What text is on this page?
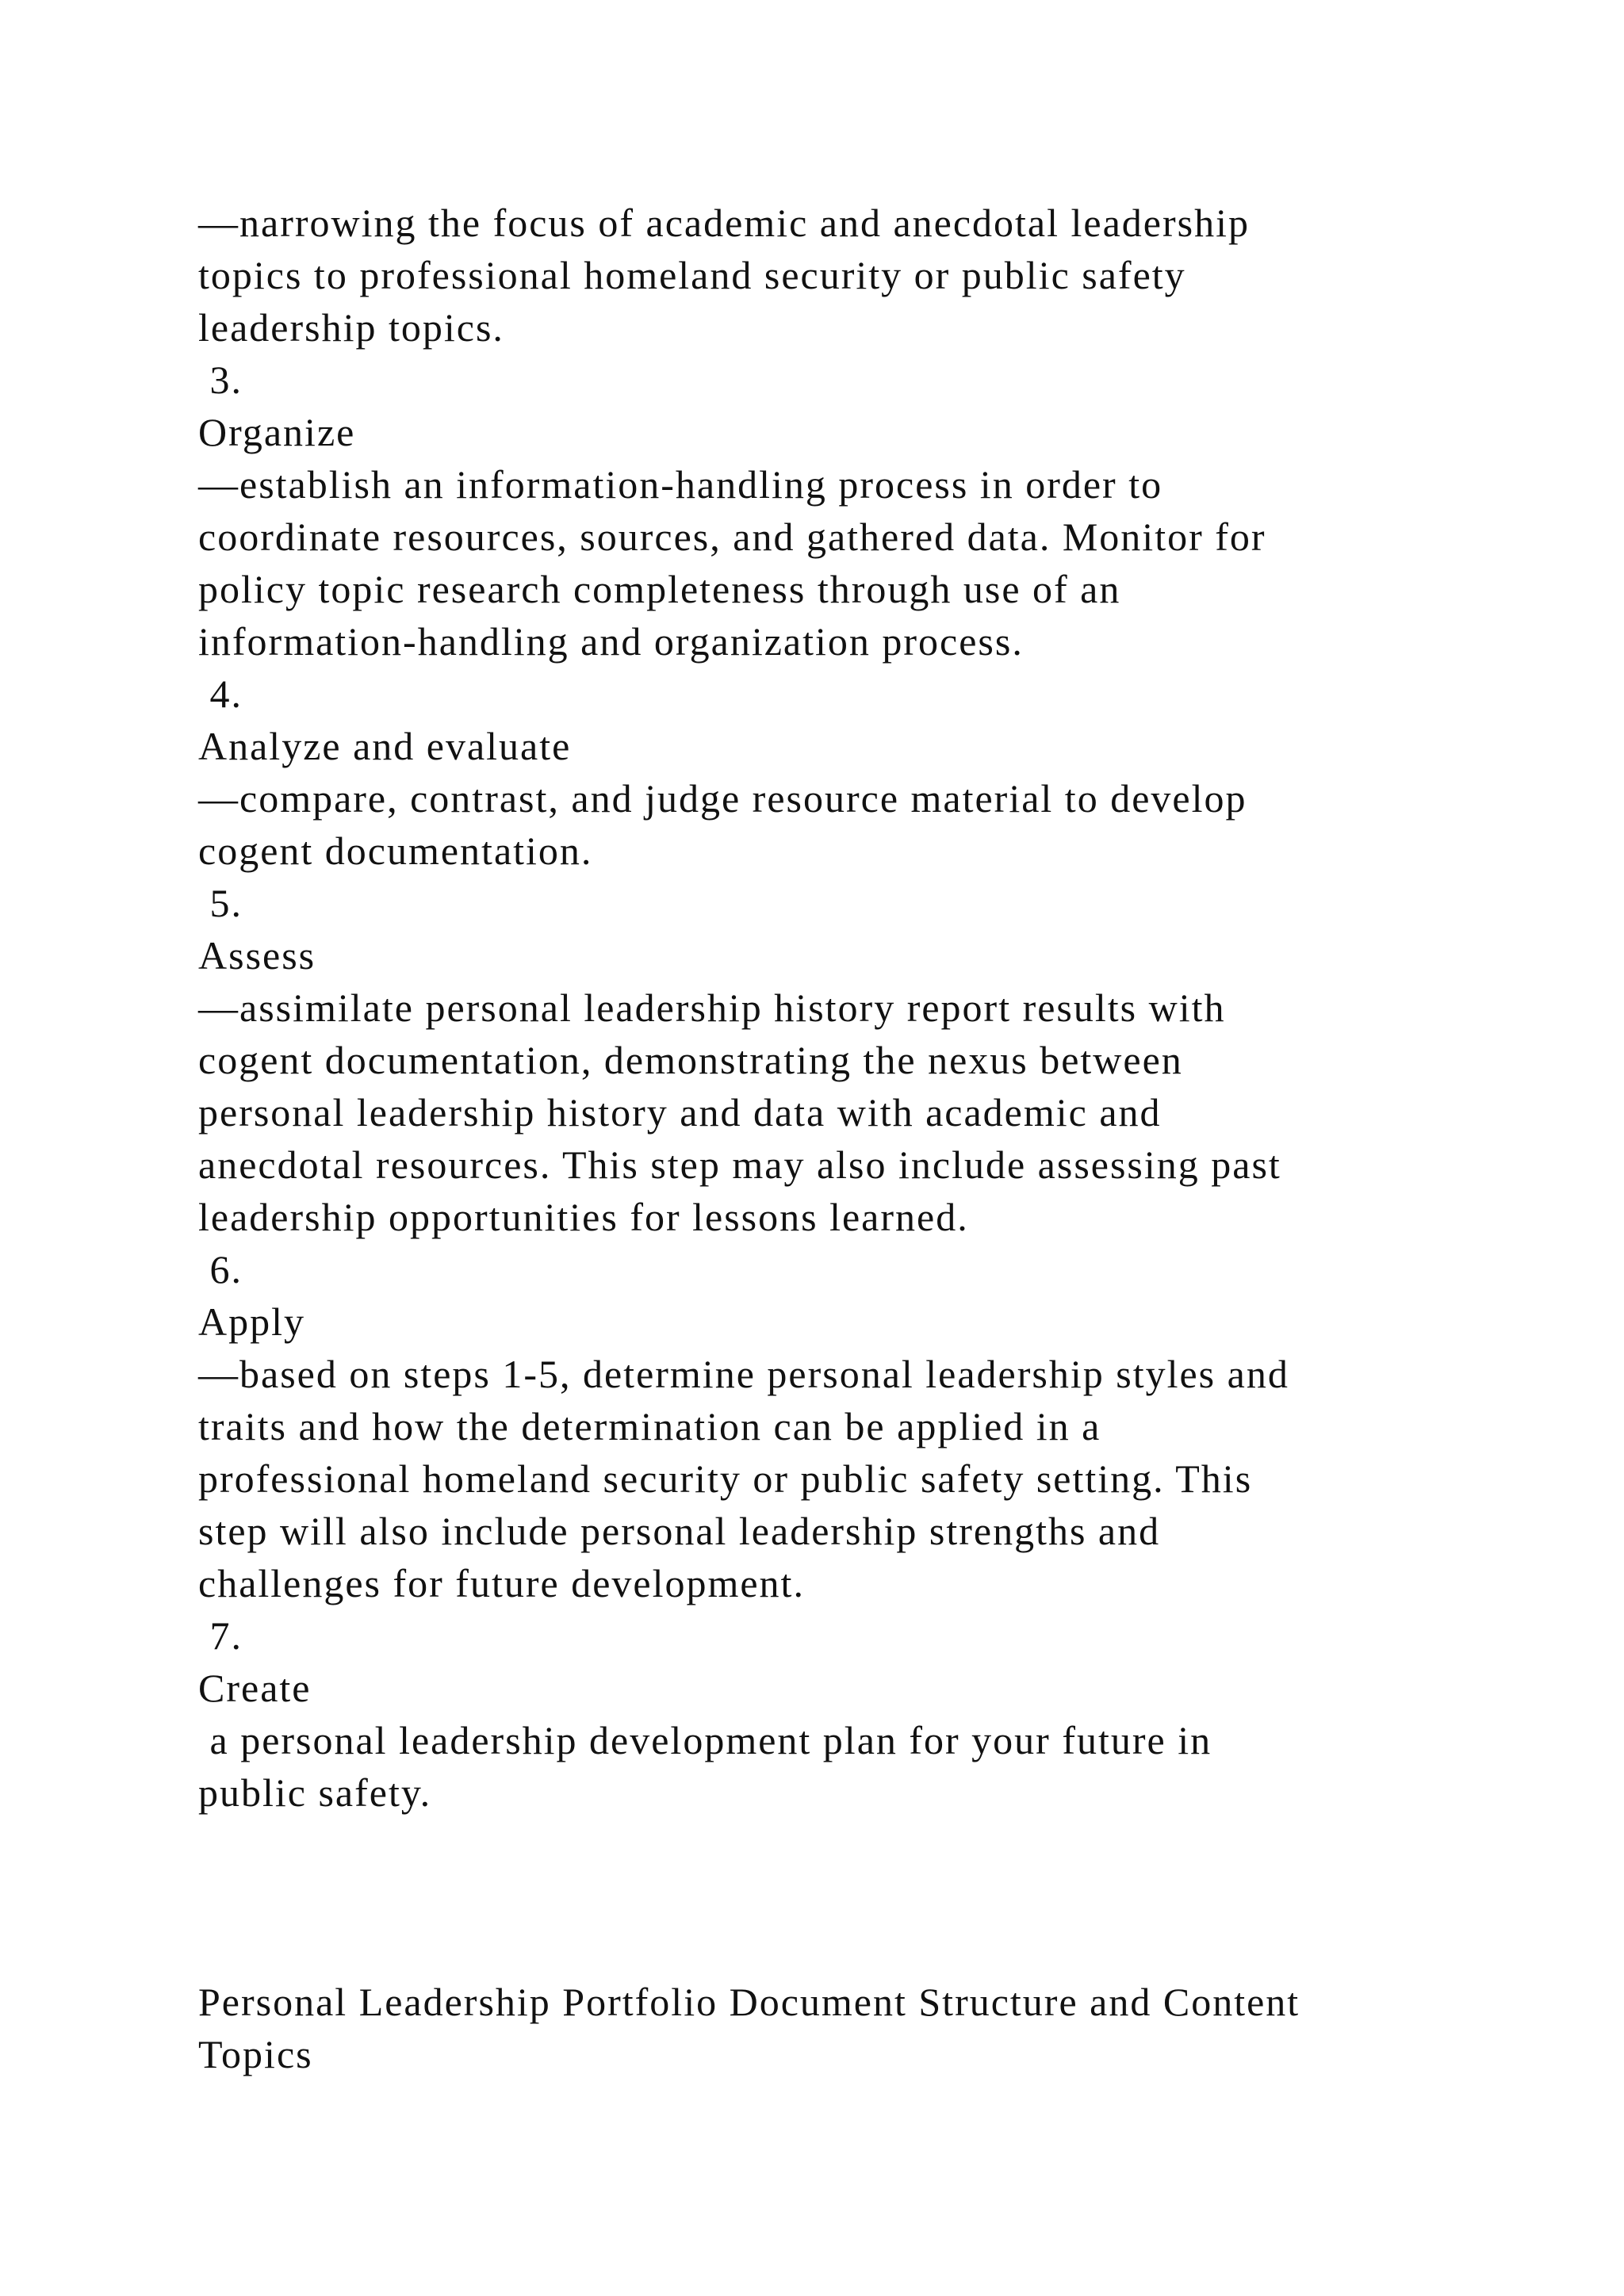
—narrowing the focus of academic and anecdotal leadership
topics to professional homeland security or public safety
leadership topics.
3.
Organize
—establish an information-handling process in order to
coordinate resources, sources, and gathered data. Monitor for
policy topic research completeness through use of an
information-handling and organization process.
4.
Analyze and evaluate
—compare, contrast, and judge resource material to develop
cogent documentation.
5.
Assess
—assimilate personal leadership history report results with
cogent documentation, demonstrating the nexus between
personal leadership history and data with academic and
anecdotal resources. This step may also include assessing past
leadership opportunities for lessons learned.
6.
Apply
—based on steps 1-5, determine personal leadership styles and
traits and how the determination can be applied in a
professional homeland security or public safety setting. This
step will also include personal leadership strengths and
challenges for future development.
7.
Create
a personal leadership development plan for your future in
public safety.
Personal Leadership Portfolio Document Structure and Content
Topics
